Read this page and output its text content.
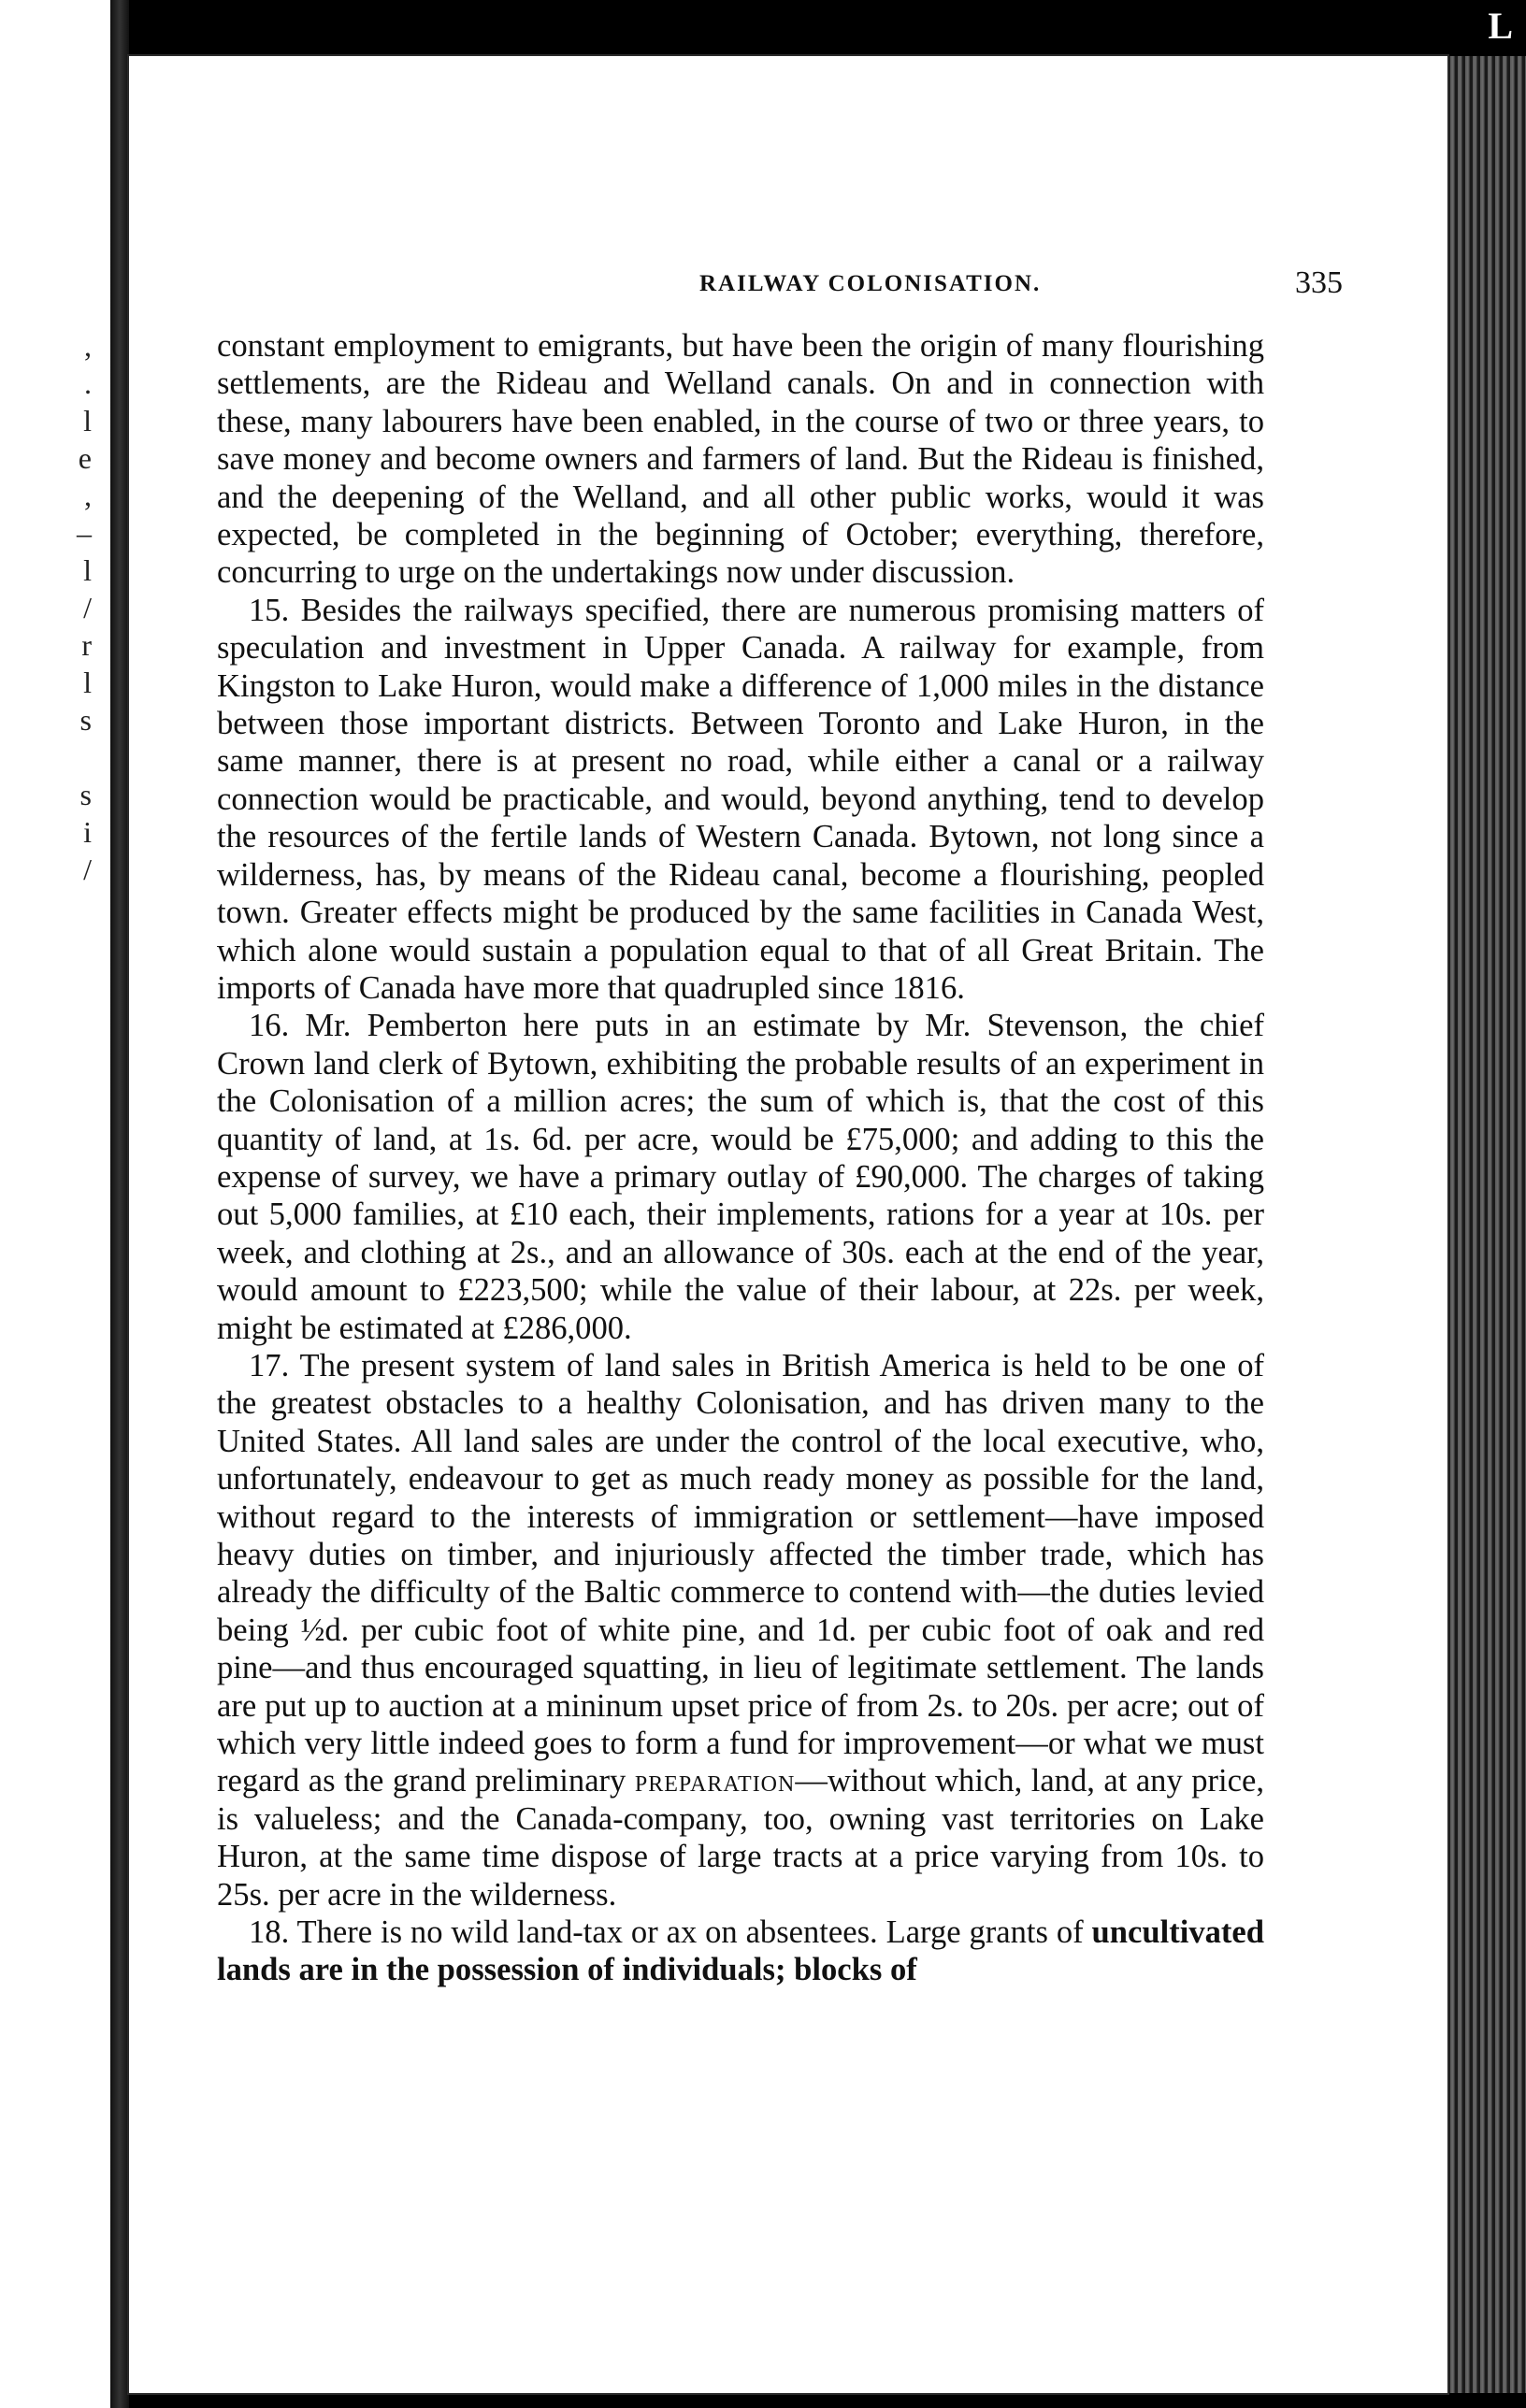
,
.
l
e
,
–
l
/
r
l
s
s
i
/
L
RAILWAY COLONISATION.	335

constant employment to emigrants, but have been the origin of many flourishing settlements, are the Rideau and Welland canals. On and in connection with these, many labourers have been enabled, in the course of two or three years, to save money and become owners and farmers of land. But the Rideau is finished, and the deepening of the Welland, and all other public works, would it was expected, be completed in the beginning of October; everything, therefore, concurring to urge on the undertakings now under discussion.

15. Besides the railways specified, there are numerous promising matters of speculation and investment in Upper Canada. A railway for example, from Kingston to Lake Huron, would make a difference of 1,000 miles in the distance between those important districts. Between Toronto and Lake Huron, in the same manner, there is at present no road, while either a canal or a railway connection would be practicable, and would, beyond anything, tend to develop the resources of the fertile lands of Western Canada. Bytown, not long since a wilderness, has, by means of the Rideau canal, become a flourishing, peopled town. Greater effects might be produced by the same facilities in Canada West, which alone would sustain a population equal to that of all Great Britain. The imports of Canada have more that quadrupled since 1816.

16. Mr. Pemberton here puts in an estimate by Mr. Stevenson, the chief Crown land clerk of Bytown, exhibiting the probable results of an experiment in the Colonisation of a million acres; the sum of which is, that the cost of this quantity of land, at 1s. 6d. per acre, would be £75,000; and adding to this the expense of survey, we have a primary outlay of £90,000. The charges of taking out 5,000 families, at £10 each, their implements, rations for a year at 10s. per week, and clothing at 2s., and an allowance of 30s. each at the end of the year, would amount to £223,500; while the value of their labour, at 22s. per week, might be estimated at £286,000.

17. The present system of land sales in British America is held to be one of the greatest obstacles to a healthy Colonisation, and has driven many to the United States. All land sales are under the control of the local executive, who, unfortunately, endeavour to get as much ready money as possible for the land, without regard to the interests of immigration or settlement—have imposed heavy duties on timber, and injuriously affected the timber trade, which has already the difficulty of the Baltic commerce to contend with—the duties levied being ½d. per cubic foot of white pine, and 1d. per cubic foot of oak and red pine—and thus encouraged squatting, in lieu of legitimate settlement. The lands are put up to auction at a mininum upset price of from 2s. to 20s. per acre; out of which very little indeed goes to form a fund for improvement—or what we must regard as the grand preliminary preparation—without which, land, at any price, is valueless; and the Canada-company, too, owning vast territories on Lake Huron, at the same time dispose of large tracts at a price varying from 10s. to 25s. per acre in the wilderness.

18. There is no wild land-tax or ax on absentees. Large grants of uncultivated lands are in the possession of individuals; blocks of
